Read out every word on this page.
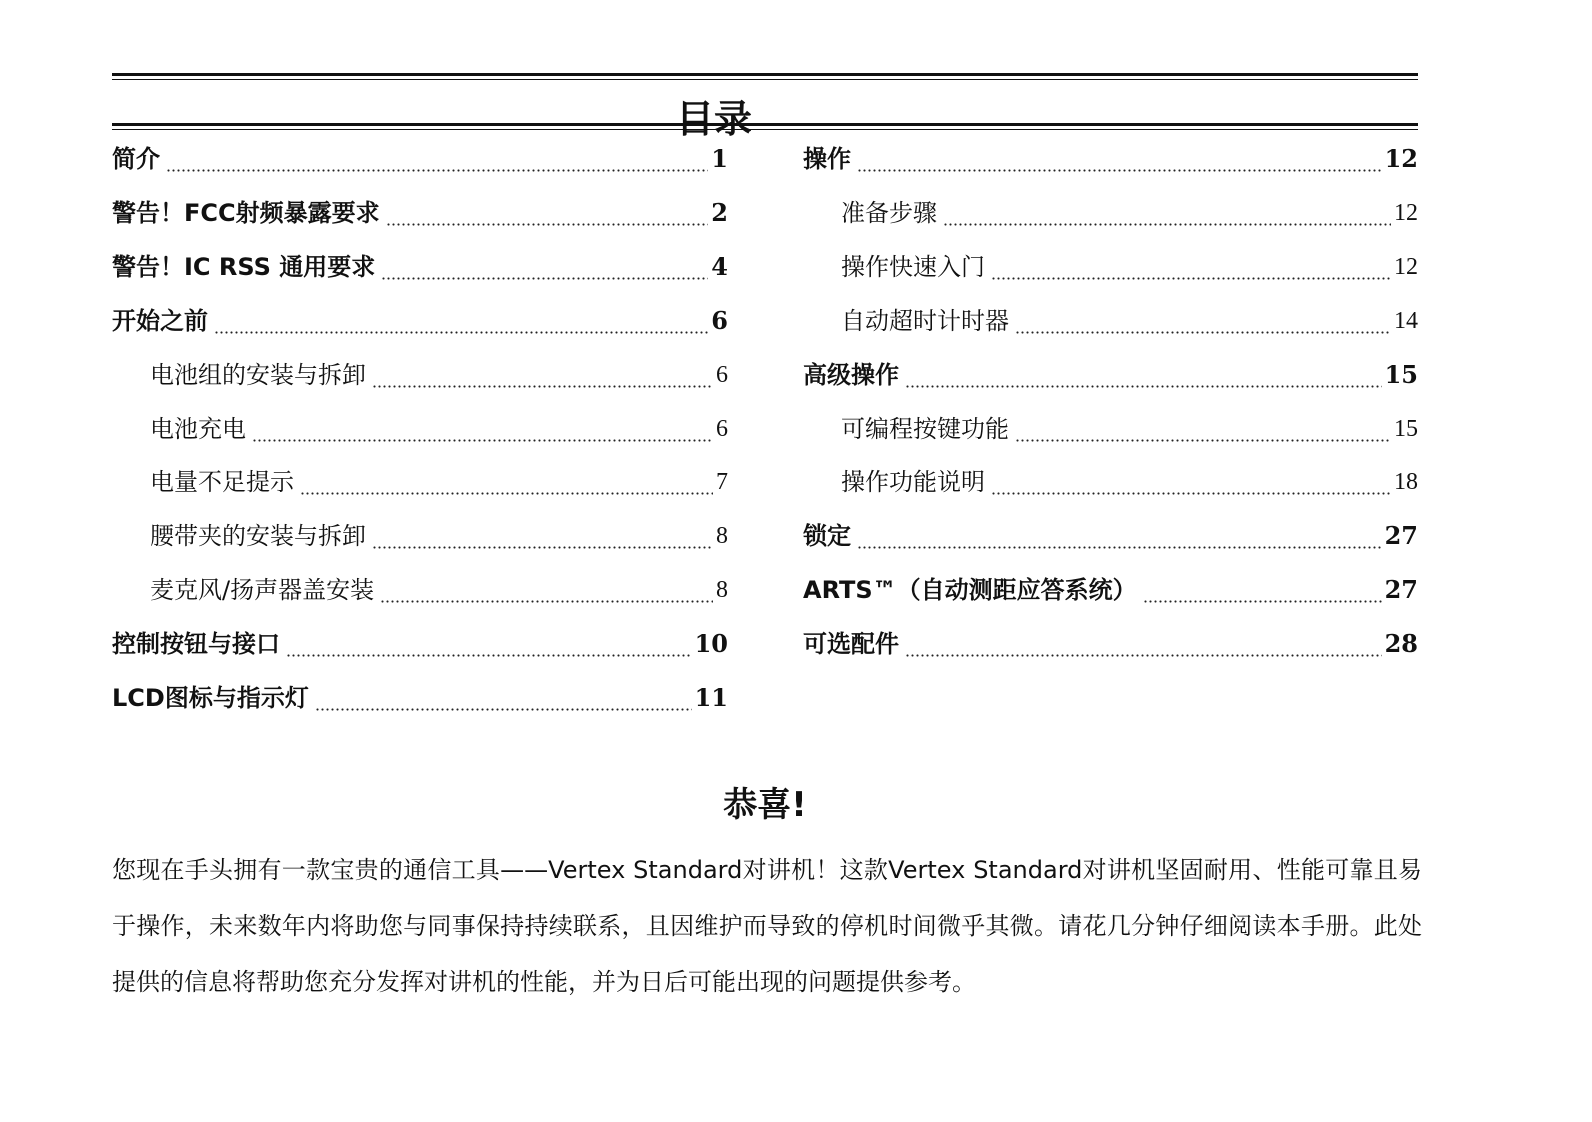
目录
简介	1
警告！FCC射频暴露要求	2
警告！IC RSS 通用要求	4
开始之前	6
电池组的安装与拆卸	6
电池充电	6
电量不足提示	7
腰带夹的安装与拆卸	8
麦克风/扬声器盖安装	8
控制按钮与接口	10
LCD图标与指示灯	11
操作	12
准备步骤	12
操作快速入门	12
自动超时计时器	14
高级操作	15
可编程按键功能	15
操作功能说明	18
锁定	27
ARTS™（自动测距应答系统）	27
可选配件	28
恭喜!
您现在手头拥有一款宝贵的通信工具——Vertex Standard对讲机！这款Vertex Standard对讲机坚固耐用、性能可靠且易于操作，未来数年内将助您与同事保持持续联系，且因维护而导致的停机时间微乎其微。请花几分钟仔细阅读本手册。此处提供的信息将帮助您充分发挥对讲机的性能，并为日后可能出现的问题提供参考。
